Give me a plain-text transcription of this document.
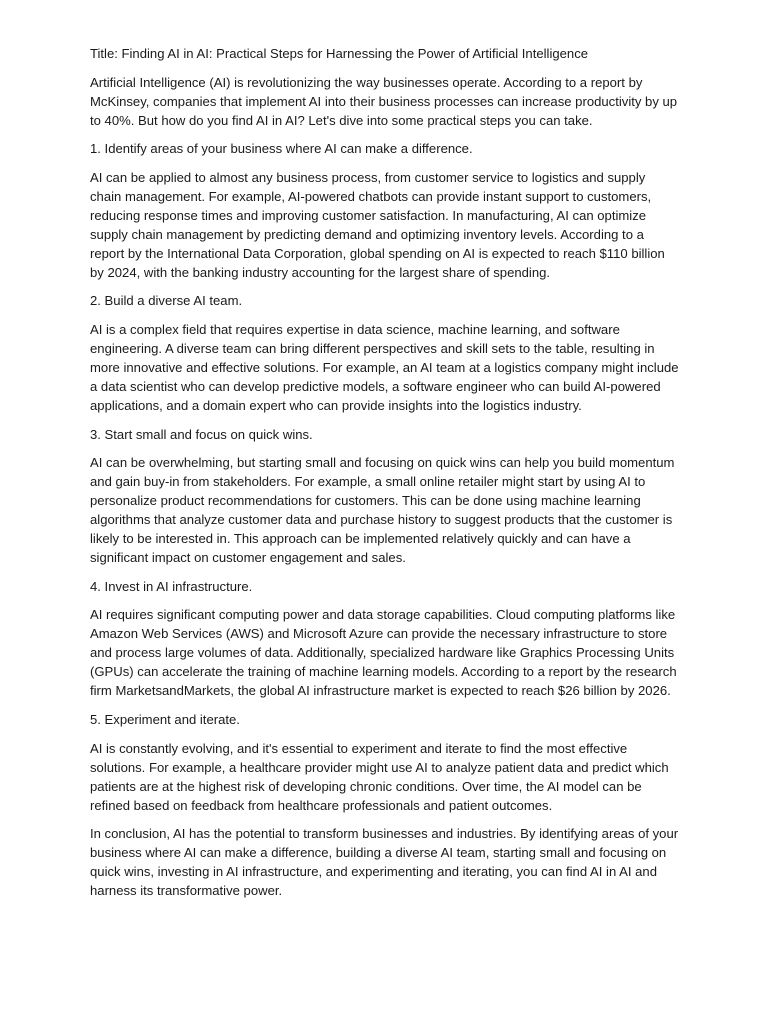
Title: Finding AI in AI: Practical Steps for Harnessing the Power of Artificial Intelligence

Artificial Intelligence (AI) is revolutionizing the way businesses operate. According to a report by McKinsey, companies that implement AI into their business processes can increase productivity by up to 40%. But how do you find AI in AI? Let's dive into some practical steps you can take.

1. Identify areas of your business where AI can make a difference.

AI can be applied to almost any business process, from customer service to logistics and supply chain management. For example, AI-powered chatbots can provide instant support to customers, reducing response times and improving customer satisfaction. In manufacturing, AI can optimize supply chain management by predicting demand and optimizing inventory levels. According to a report by the International Data Corporation, global spending on AI is expected to reach $110 billion by 2024, with the banking industry accounting for the largest share of spending.

2. Build a diverse AI team.

AI is a complex field that requires expertise in data science, machine learning, and software engineering. A diverse team can bring different perspectives and skill sets to the table, resulting in more innovative and effective solutions. For example, an AI team at a logistics company might include a data scientist who can develop predictive models, a software engineer who can build AI-powered applications, and a domain expert who can provide insights into the logistics industry.

3. Start small and focus on quick wins.

AI can be overwhelming, but starting small and focusing on quick wins can help you build momentum and gain buy-in from stakeholders. For example, a small online retailer might start by using AI to personalize product recommendations for customers. This can be done using machine learning algorithms that analyze customer data and purchase history to suggest products that the customer is likely to be interested in. This approach can be implemented relatively quickly and can have a significant impact on customer engagement and sales.

4. Invest in AI infrastructure.

AI requires significant computing power and data storage capabilities. Cloud computing platforms like Amazon Web Services (AWS) and Microsoft Azure can provide the necessary infrastructure to store and process large volumes of data. Additionally, specialized hardware like Graphics Processing Units (GPUs) can accelerate the training of machine learning models. According to a report by the research firm MarketsandMarkets, the global AI infrastructure market is expected to reach $26 billion by 2026.

5. Experiment and iterate.

AI is constantly evolving, and it's essential to experiment and iterate to find the most effective solutions. For example, a healthcare provider might use AI to analyze patient data and predict which patients are at the highest risk of developing chronic conditions. Over time, the AI model can be refined based on feedback from healthcare professionals and patient outcomes.

In conclusion, AI has the potential to transform businesses and industries. By identifying areas of your business where AI can make a difference, building a diverse AI team, starting small and focusing on quick wins, investing in AI infrastructure, and experimenting and iterating, you can find AI in AI and harness its transformative power.
